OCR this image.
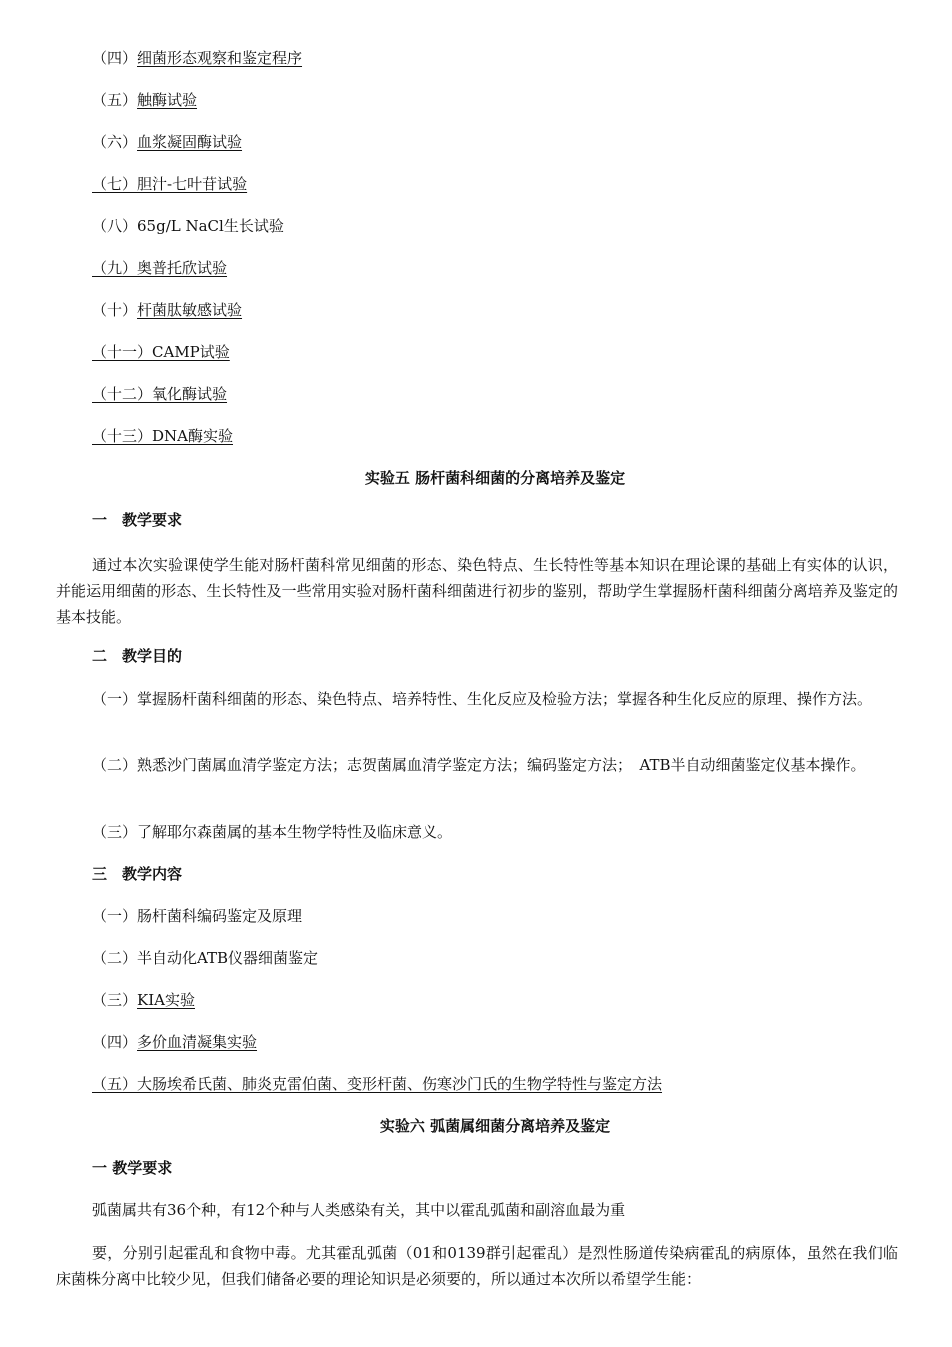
（四）细菌形态观察和鉴定程序
（五）触酶试验
（六）血浆凝固酶试验
（七）胆汁-七叶苷试验
（八）65g/L NaCl生长试验
（九）奥普托欣试验
（十）杆菌肽敏感试验
（十一）CAMP试验
（十二）氧化酶试验
（十三）DNA酶实验
实验五 肠杆菌科细菌的分离培养及鉴定
一　教学要求
通过本次实验课使学生能对肠杆菌科常见细菌的形态、染色特点、生长特性等基本知识在理论课的基础上有实体的认识，并能运用细菌的形态、生长特性及一些常用实验对肠杆菌科细菌进行初步的鉴别，帮助学生掌握肠杆菌科细菌分离培养及鉴定的基本技能。
二　教学目的
（一）掌握肠杆菌科细菌的形态、染色特点、培养特性、生化反应及检验方法；掌握各种生化反应的原理、操作方法。
（二）熟悉沙门菌属血清学鉴定方法；志贺菌属血清学鉴定方法；编码鉴定方法；　ATB半自动细菌鉴定仪基本操作。
（三）了解耶尔森菌属的基本生物学特性及临床意义。
三　教学内容
（一）肠杆菌科编码鉴定及原理
（二）半自动化ATB仪器细菌鉴定
（三）KIA实验
（四）多价血清凝集实验
（五）大肠埃希氏菌、肺炎克雷伯菌、变形杆菌、伤寒沙门氏的生物学特性与鉴定方法
实验六 弧菌属细菌分离培养及鉴定
一 教学要求
弧菌属共有36个种，有12个种与人类感染有关，其中以霍乱弧菌和副溶血最为重
要，分别引起霍乱和食物中毒。尤其霍乱弧菌（01和0139群引起霍乱）是烈性肠道传染病霍乱的病原体，虽然在我们临床菌株分离中比较少见，但我们储备必要的理论知识是必须要的，所以通过本次所以希望学生能：
